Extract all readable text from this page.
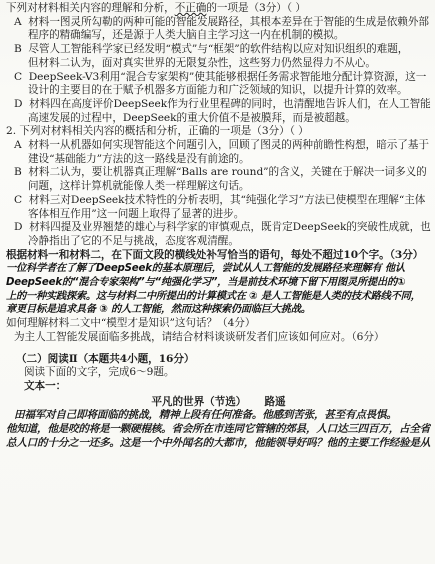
下列对材料相关内容的理解和分析，不正确的一项是（3分）（ ）
A 材料一图灵所勾勒的两种可能的智能发展路径，其根本差异在于智能的生成是依赖外部
程序的精确编写，还是源于人类大脑自主学习这一内在机制的模拟。
B 尽管人工智能科学家已经发明“模式”与“框架”的软件结构以应对知识组织的难题，
但材料二认为，面对真实世界的无限复杂性，这些努力仍然显得力不从心。
C DeepSeek-V3利用“混合专家架构”使其能够根据任务需求智能地分配计算资源，这一
设计的主要目的在于赋予机器多方面能力和广泛领域的知识，以提升计算的效率。
D 材料四在高度评价DeepSeek作为行业里程碑的同时，也清醒地告诉人们，在人工智能
高速发展的过程中，DeepSeek的重大价值不是被膜拜，而是被超越。
2. 下列对材料相关内容的概括和分析，正确的一项是（3分）（ ）
A 材料一从机器如何实现智能这个问题引入，回顾了图灵的两种前瞻性构想，暗示了基于
建设“基础能力”方法的这一路线是没有前途的。
B 材料二认为，要让机器真正理解“Balls are round”的含义，关键在于解决一词多义的
问题，这样计算机就能像人类一样理解这句话。
C 材料三对DeepSeek技术特性的分析表明，其“纯强化学习”方法已使模型在理解“主体
客体相互作用”这一问题上取得了显著的进步。
D 材料四提及业界翘楚的雄心与科学家的审慎观点，既肯定DeepSeek的突破性成就，也
冷静指出了它的不足与挑战，态度客观清醒。
根据材料一和材料二，在下面文段的横线处补写恰当的语句，每处不超过10个字。（3分）
一位科学者在了解了DeepSeek的基本原理后，尝试从人工智能的发展路径来理解有 他认
DeepSeek的“混合专家架构”与“纯强化学习”，当是前技术环境下留下用图灵所提出的①
上的一种实践探索。这与材料二中所提出的计算模式在 ② 是人工智能是人类的技术路线不同，
章更目标是追求具备 ③ 的人工智能，然而这种探索仍面临巨大挑战。
如何理解材料二文中“模型才是知识”这句话？（4分）
为主人工智能发展面临多挑战，请结合材料谈谈研发者们应该如何应对。（6分）
（二）阅读Ⅱ（本题共4小题，16分）
阅读下面的文字，完成6～9题。
文本一：
平凡的世界（节选） 路遥
田福军对自己即将面临的挑战，精神上段有任何准备。他感到苦张，甚至有点畏惧。
他知道，他是咬的将是一颗硬棍核。省会所在市连同它管辖的郊县，人口达三四百万，占全省
总人口的十分之一还多。这是一个中外闻名的大都市，他能领导好吗？他的主要工作经验是从
